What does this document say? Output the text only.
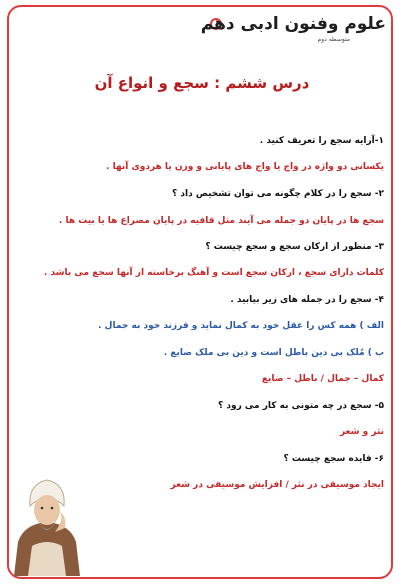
علوم وفنون ادبی دهم
متوسطه دوم
درس ششم : سجع و انواع آن
۱-آرایه سجع را تعریف کنید .
یکسانی دو واژه در واج یا واج های پایانی و وزن یا هردوی آنها .
۲- سجع را در کلام چگونه می توان تشخیص داد ؟
سجع ها در پایان دو جمله می آیند مثل قافیه در پایان مصراع ها یا بیت ها .
۳- منظور از ارکان سجع و سجع چیست ؟
کلمات دارای سجع ، ارکان سجع است و آهنگ برخاسته از آنها سجع می باشد .
۴- سجع را در جمله های زیر بیابید .
الف ) همه کس را عقل خود به کمال نماید و فرزند خود به جمال .
ب ) مُلک بی دین باطل است و دین بی ملک ضایع .
کمال – جمال / باطل – ضایع
۵- سجع در چه متونی به کار می رود ؟
نثر و شعر
۶- فایده سجع چیست ؟
ایجاد موسیقی در نثر / افزایش موسیقی در شعر
